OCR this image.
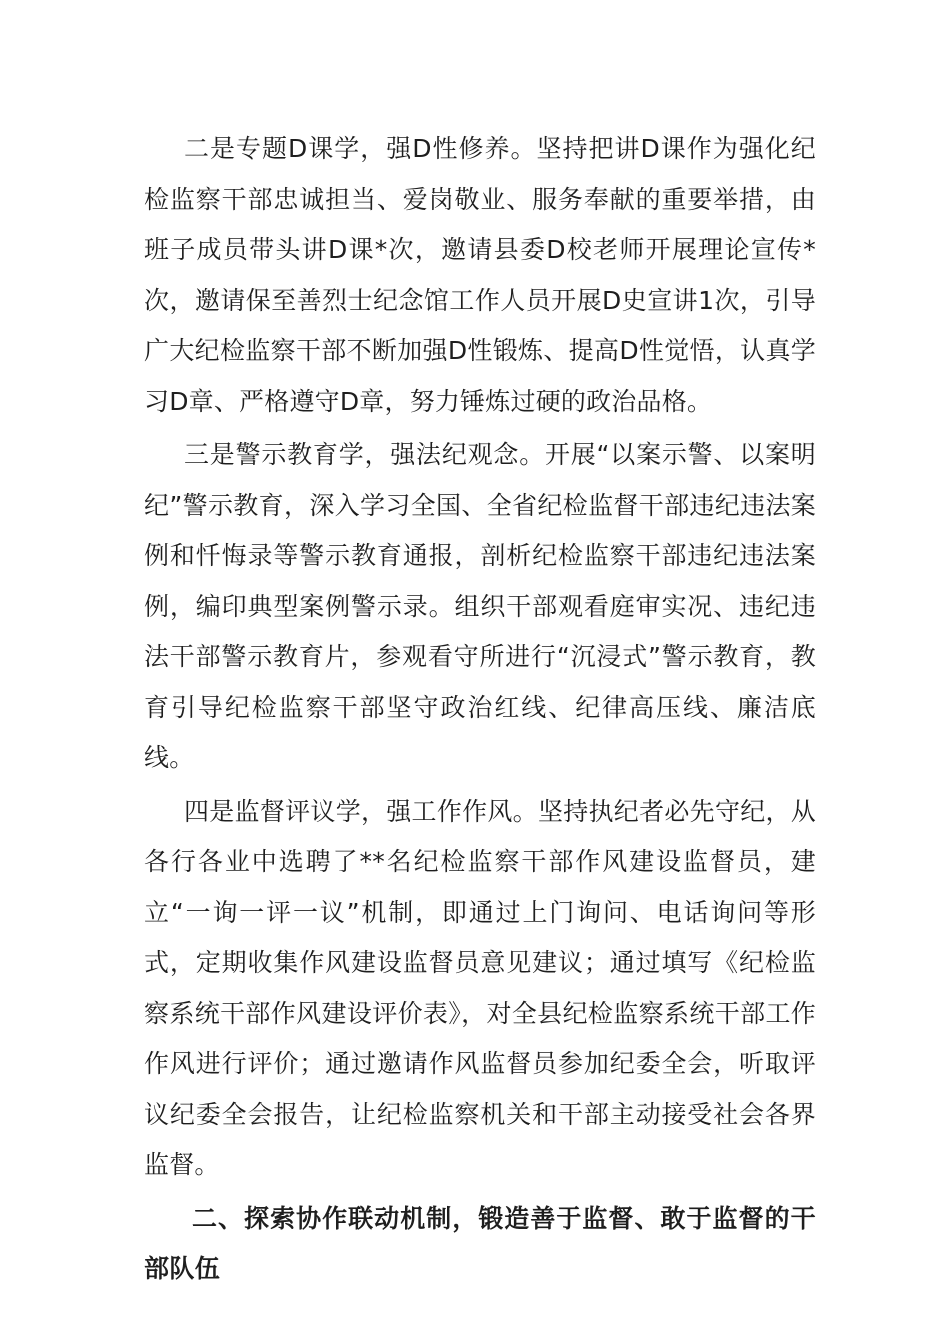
二是专题D课学，强D性修养。坚持把讲D课作为强化纪检监察干部忠诚担当、爱岗敬业、服务奉献的重要举措，由班子成员带头讲D课*次，邀请县委D校老师开展理论宣传*次，邀请保至善烈士纪念馆工作人员开展D史宣讲1次，引导广大纪检监察干部不断加强D性锻炼、提高D性觉悟，认真学习D章、严格遵守D章，努力锤炼过硬的政治品格。

三是警示教育学，强法纪观念。开展“以案示警、以案明纪”警示教育，深入学习全国、全省纪检监督干部违纪违法案例和忏悔录等警示教育通报，剖析纪检监察干部违纪违法案例，编印典型案例警示录。组织干部观看庭审实况、违纪违法干部警示教育片，参观看守所进行“沉浸式”警示教育，教育引导纪检监察干部坚守政治红线、纪律高压线、廉洁底线。

四是监督评议学，强工作作风。坚持执纪者必先守纪，从各行各业中选聘了**名纪检监察干部作风建设监督员，建立“一询一评一议”机制，即通过上门询问、电话询问等形式，定期收集作风建设监督员意见建议；通过填写《纪检监察系统干部作风建设评价表》，对全县纪检监察系统干部工作作风进行评价；通过邀请作风监督员参加纪委全会，听取评议纪委全会报告，让纪检监察机关和干部主动接受社会各界监督。

二、探索协作联动机制，锻造善于监督、敢于监督的干部队伍
